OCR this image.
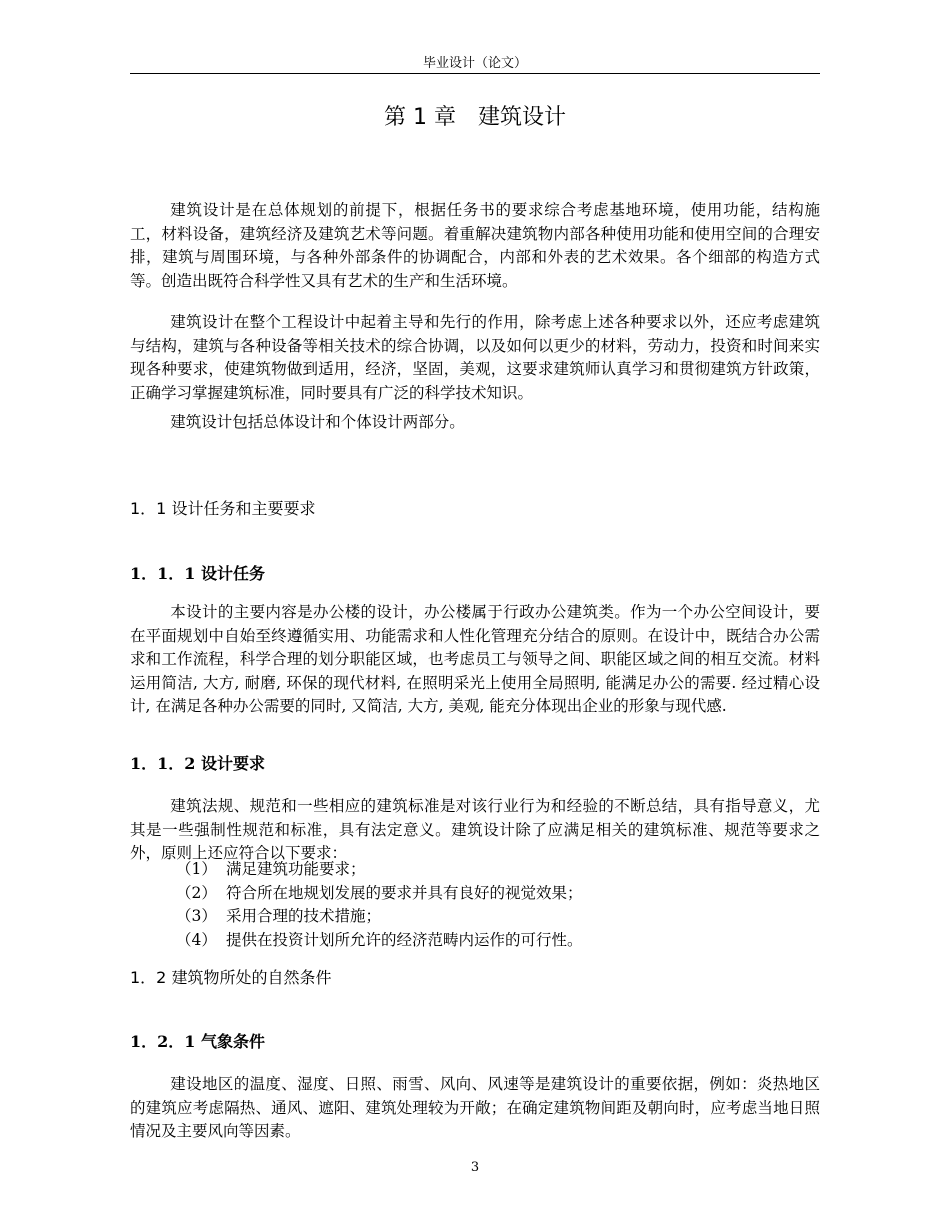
毕业设计（论文）
第 1 章　建筑设计

建筑设计是在总体规划的前提下，根据任务书的要求综合考虑基地环境，使用功能，结构施工，材料设备，建筑经济及建筑艺术等问题。着重解决建筑物内部各种使用功能和使用空间的合理安排，建筑与周围环境，与各种外部条件的协调配合，内部和外表的艺术效果。各个细部的构造方式等。创造出既符合科学性又具有艺术的生产和生活环境。

建筑设计在整个工程设计中起着主导和先行的作用，除考虑上述各种要求以外，还应考虑建筑与结构，建筑与各种设备等相关技术的综合协调，以及如何以更少的材料，劳动力，投资和时间来实现各种要求，使建筑物做到适用，经济，坚固，美观，这要求建筑师认真学习和贯彻建筑方针政策，正确学习掌握建筑标准，同时要具有广泛的科学技术知识。

建筑设计包括总体设计和个体设计两部分。

1．1 设计任务和主要要求
1．1．1 设计任务

本设计的主要内容是办公楼的设计，办公楼属于行政办公建筑类。作为一个办公空间设计，要在平面规划中自始至终遵循实用、功能需求和人性化管理充分结合的原则。在设计中，既结合办公需求和工作流程，科学合理的划分职能区域，也考虑员工与领导之间、职能区域之间的相互交流。材料运用简洁, 大方, 耐磨, 环保的现代材料, 在照明采光上使用全局照明, 能满足办公的需要. 经过精心设计, 在满足各种办公需要的同时, 又简洁, 大方, 美观, 能充分体现出企业的形象与现代感.

1．1．2 设计要求

建筑法规、规范和一些相应的建筑标准是对该行业行为和经验的不断总结，具有指导意义，尤其是一些强制性规范和标准，具有法定意义。建筑设计除了应满足相关的建筑标准、规范等要求之外，原则上还应符合以下要求：

（1） 满足建筑功能要求；
（2） 符合所在地规划发展的要求并具有良好的视觉效果；
（3） 采用合理的技术措施；
（4） 提供在投资计划所允许的经济范畴内运作的可行性。
1．2 建筑物所处的自然条件
1．2．1 气象条件

建设地区的温度、湿度、日照、雨雪、风向、风速等是建筑设计的重要依据，例如：炎热地区的建筑应考虑隔热、通风、遮阳、建筑处理较为开敞；在确定建筑物间距及朝向时，应考虑当地日照情况及主要风向等因素。

3
